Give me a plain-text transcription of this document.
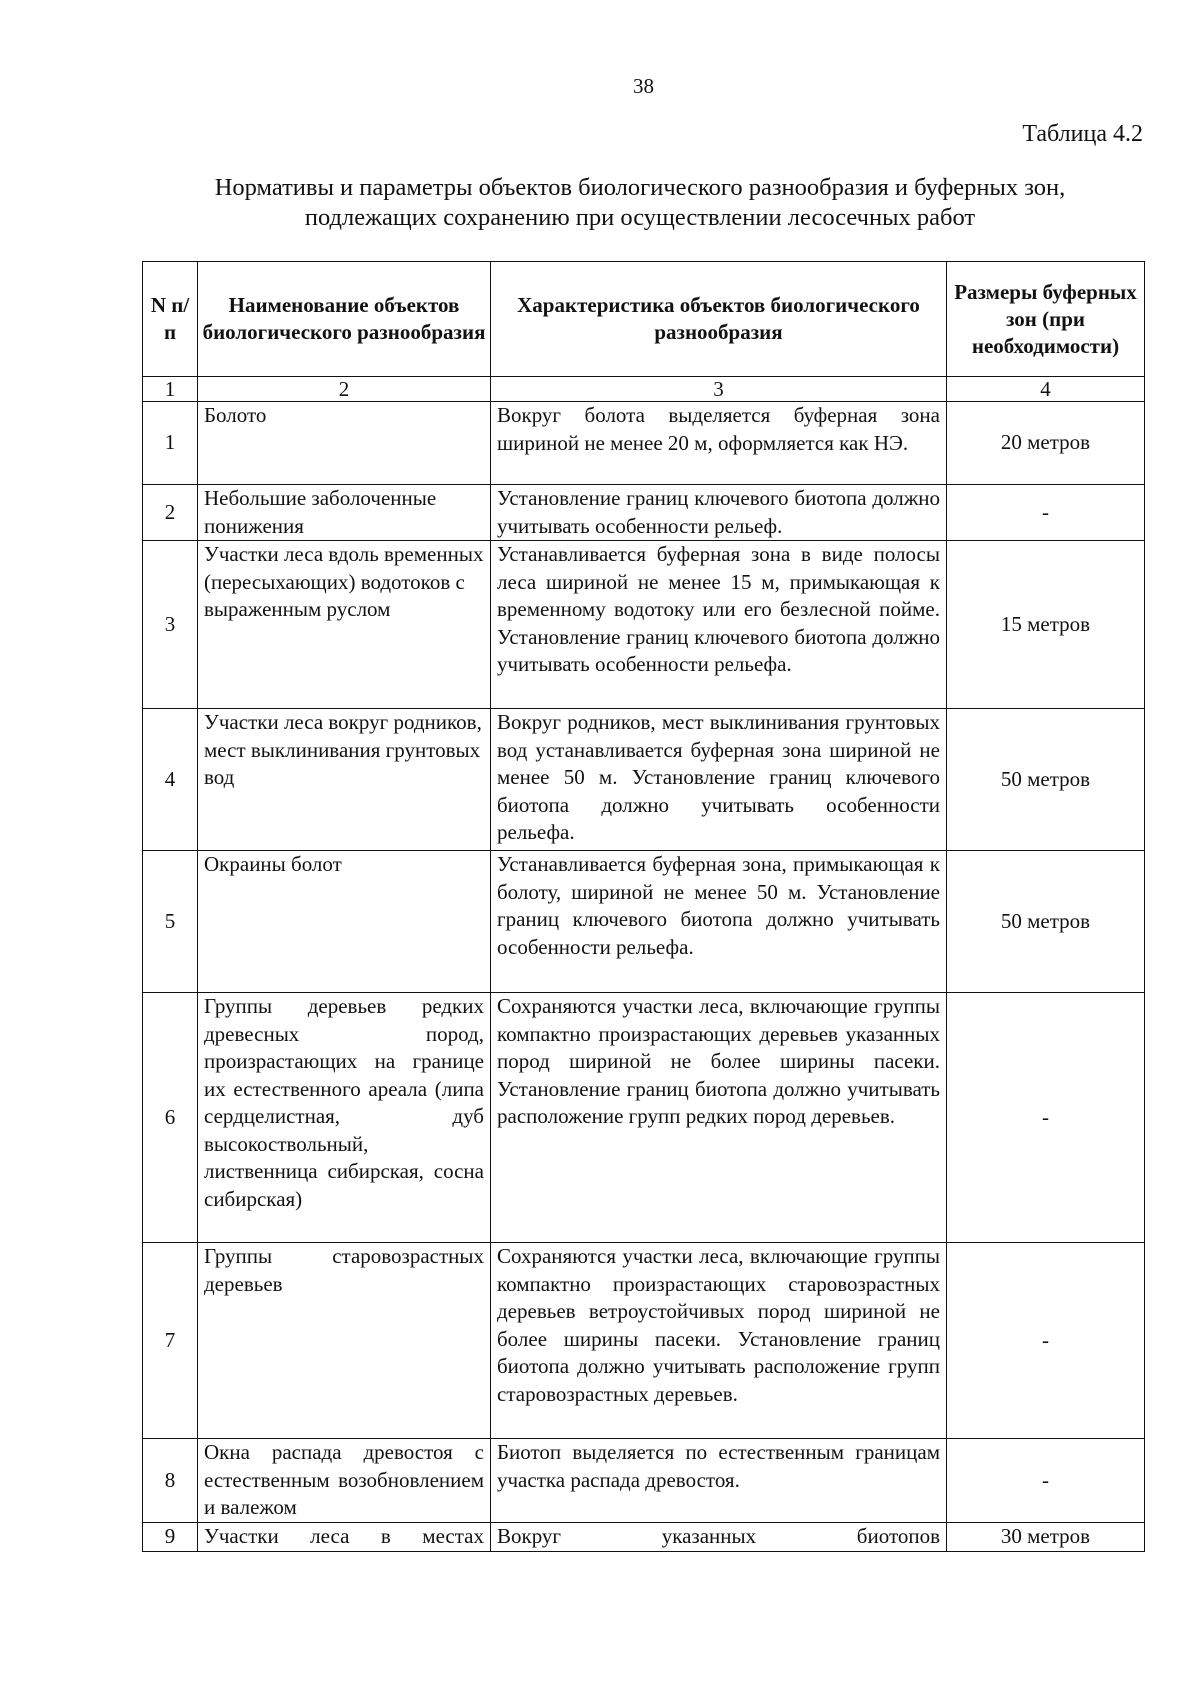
38
Таблица 4.2
Нормативы и параметры объектов биологического разнообразия и буферных зон,
подлежащих сохранению при осуществлении лесосечных работ
N п/п	Наименование объектов биологического разнообразия	Характеристика объектов биологического разнообразия	Размеры буферных зон (при необходимости)
1	2	3	4
1	Болото	Вокруг болота выделяется буферная зона шириной не менее 20 м, оформляется как НЭ.	20 метров
2	Небольшие заболоченные понижения	Установление границ ключевого биотопа должно учитывать особенности рельеф.	-
3	Участки леса вдоль временных (пересыхающих) водотоков с выраженным руслом	Устанавливается буферная зона в виде полосы леса шириной не менее 15 м, примыкающая к временному водотоку или его безлесной пойме. Установление границ ключевого биотопа должно учитывать особенности рельефа.	15 метров
4	Участки леса вокруг родников, мест выклинивания грунтовых вод	Вокруг родников, мест выклинивания грунтовых вод устанавливается буферная зона шириной не менее 50 м. Установление границ ключевого биотопа должно учитывать особенности рельефа.	50 метров
5	Окраины болот	Устанавливается буферная зона, примыкающая к болоту, шириной не менее 50 м. Установление границ ключевого биотопа должно учитывать особенности рельефа.	50 метров
6	Группы деревьев редких древесных пород, произрастающих на границе их естественного ареала (липа сердцелистная, дуб высокоствольный, лиственница сибирская, сосна сибирская)	Сохраняются участки леса, включающие группы компактно произрастающих деревьев указанных пород шириной не более ширины пасеки. Установление границ биотопа должно учитывать расположение групп редких пород деревьев.	-
7	Группы старовозрастных деревьев	Сохраняются участки леса, включающие группы компактно произрастающих старовозрастных деревьев ветроустойчивых пород шириной не более ширины пасеки. Установление границ биотопа должно учитывать расположение групп старовозрастных деревьев.	-
8	Окна распада древостоя с естественным возобновлением и валежом	Биотоп выделяется по естественным границам участка распада древостоя.	-
9	Участки леса в местах	Вокруг указанных биотопов	30 метров
